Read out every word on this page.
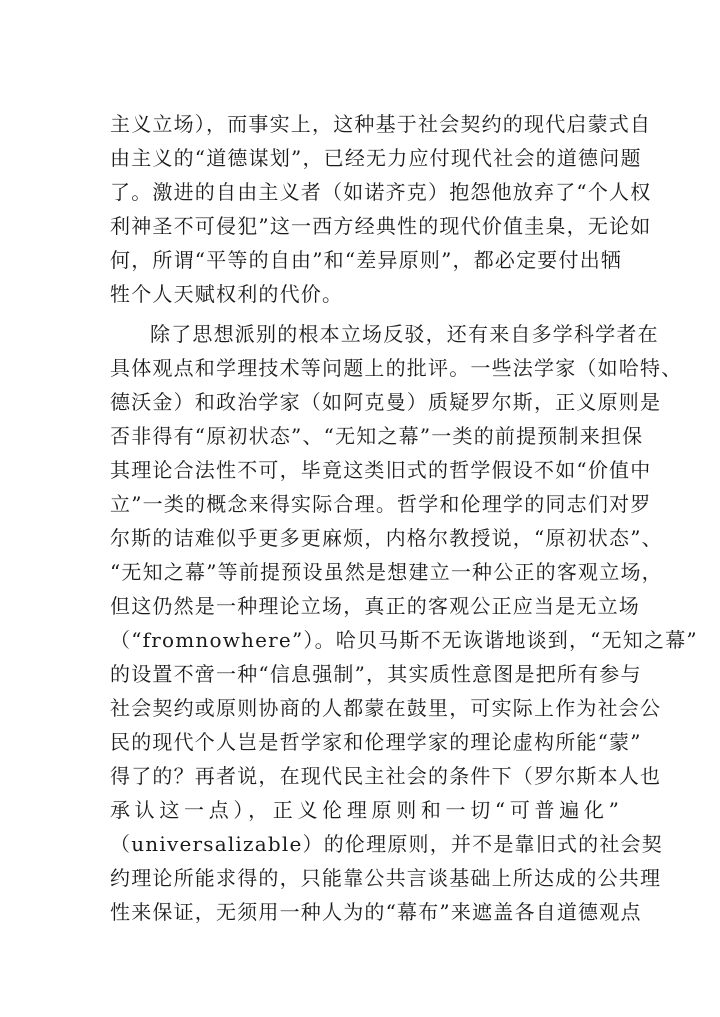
主义立场），而事实上，这种基于社会契约的现代启蒙式自
由主义的“道德谋划”，已经无力应付现代社会的道德问题
了。激进的自由主义者（如诺齐克）抱怨他放弃了“个人权
利神圣不可侵犯”这一西方经典性的现代价值圭臬，无论如
何，所谓“平等的自由”和“差异原则”，都必定要付出牺
牲个人天赋权利的代价。
除了思想派别的根本立场反驳，还有来自多学科学者在
具体观点和学理技术等问题上的批评。一些法学家（如哈特、
德沃金）和政治学家（如阿克曼）质疑罗尔斯，正义原则是
否非得有“原初状态”、“无知之幕”一类的前提预制来担保
其理论合法性不可，毕竟这类旧式的哲学假设不如“价值中
立”一类的概念来得实际合理。哲学和伦理学的同志们对罗
尔斯的诘难似乎更多更麻烦，内格尔教授说，“原初状态”、
“无知之幕”等前提预设虽然是想建立一种公正的客观立场，
但这仍然是一种理论立场，真正的客观公正应当是无立场
（“fromnowhere”）。哈贝马斯不无诙谐地谈到，“无知之幕”
的设置不啻一种“信息强制”，其实质性意图是把所有参与
社会契约或原则协商的人都蒙在鼓里，可实际上作为社会公
民的现代个人岂是哲学家和伦理学家的理论虚构所能“蒙”
得了的？再者说，在现代民主社会的条件下（罗尔斯本人也
承认这一点），正义伦理原则和一切“可普遍化”
（universalizable）的伦理原则，并不是靠旧式的社会契
约理论所能求得的，只能靠公共言谈基础上所达成的公共理
性来保证，无须用一种人为的“幕布”来遮盖各自道德观点
